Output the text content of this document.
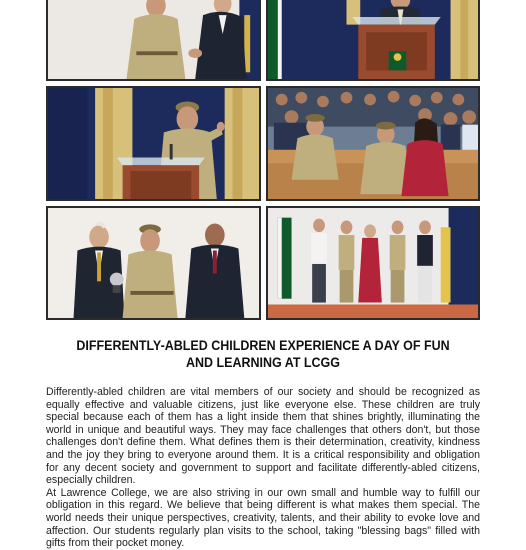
DIFFERENTLY-ABLED CHILDREN EXPERIENCE A DAY OF FUN AND LEARNING AT LCGG

Differently-abled children are vital members of our society and should be recognized as equally effective and valuable citizens, just like everyone else. These children are truly special because each of them has a light inside them that shines brightly, illuminating the world in unique and beautiful ways. They may face challenges that others don't, but those challenges don't define them. What defines them is their determination, creativity, kindness and the joy they bring to everyone around them. It is a critical responsibility and obligation for any decent society and government to support and facilitate differently-abled citizens, especially children.

At Lawrence College, we are also striving in our own small and humble way to fulfill our obligation in this regard. We believe that being different is what makes them special. The world needs their unique perspectives, creativity, talents, and their ability to evoke love and affection. Our students regularly plan visits to the school, taking "blessing bags" filled with gifts from their pocket money.
